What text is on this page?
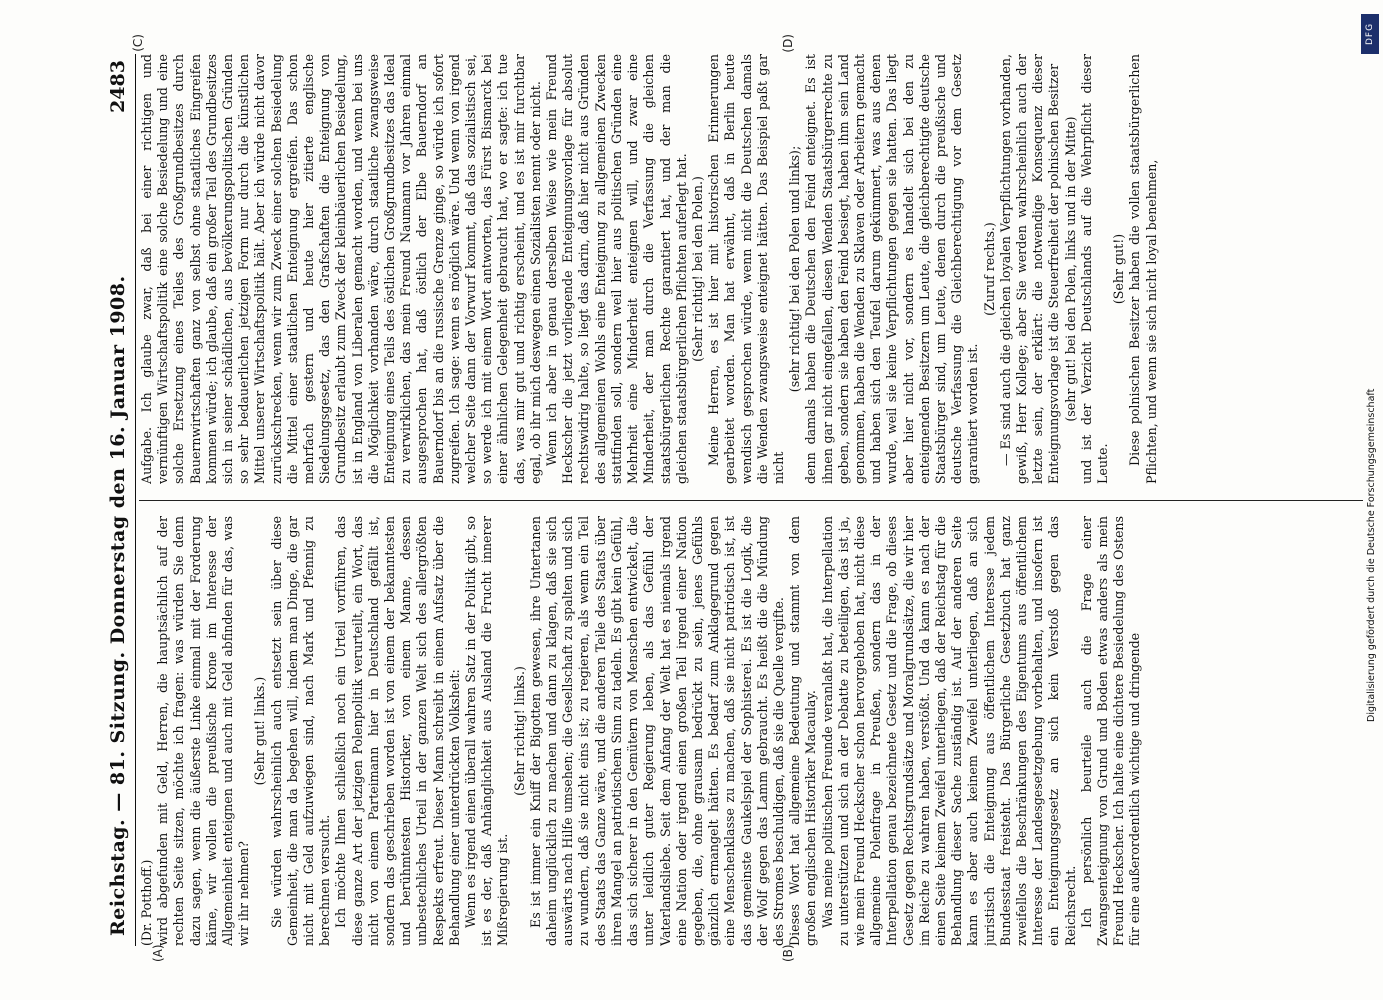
Reichstag. — 81. Sitzung. Donnerstag den 16. Januar 1908.
2483
(A)	(B)
(C)	(D)

(Dr. Potthoff.) wird abgefunden mit Geld, Herren, die hauptsächlich auf der rechten Seite sitzen, möchte ich fragen: was würden Sie denn dazu sagen, wenn die äußerste Linke einmal mit der Forderung käme, wir wollen die preußische Krone im Interesse der Allgemeinheit enteignen und auch mit Geld abfinden für das, was wir ihr nehmen?

(Sehr gut! links.) Sie würden wahrscheinlich auch entsetzt sein über diese Gemeinheit, die man da begehen will, indem man Dinge, die gar nicht mit Geld aufzuwiegen sind, nach Mark und Pfennig zu berechnen versucht. Ich möchte Ihnen schließlich noch ein Urteil vorführen, das diese ganze Art der jetzigen Polenpolitik verurteilt, ein Wort, das nicht von einem Parteimann hier in Deutschland gefällt ist, sondern das geschrieben worden ist von einem der bekanntesten und berühmtesten Historiker, von einem Manne, dessen unbestechliches Urteil in der ganzen Welt sich des allergrößten Respekts erfreut. Dieser Mann schreibt in einem Aufsatz über die Behandlung einer unterdrückten Volksheit: Wenn es irgend einen überall wahren Satz in der Politik gibt, so ist es der, daß Anhänglichkeit aus Ausland die Frucht innerer Mißregierung ist.

(Sehr richtig! links.) Es ist immer ein Kniff der Bigotten gewesen, ihre Untertanen daheim unglücklich zu machen und dann zu klagen, daß sie sich auswärts nach Hilfe umsehen; die Gesellschaft zu spalten und sich zu wundern, daß sie nicht eins ist; zu regieren, als wenn ein Teil des Staats das Ganze wäre, und die anderen Teile des Staats über ihren Mangel an patriotischem Sinn zu tadeln. Es gibt kein Gefühl, das sich sicherer in den Gemütern von Menschen entwickelt, die unter leidlich guter Regierung leben, als das Gefühl der Vaterlandsliebe. Seit dem Anfang der Welt hat es niemals irgend eine Nation oder irgend einen großen Teil irgend einer Nation gegeben, die, ohne grausam bedrückt zu sein, jenes Gefühls gänzlich ermangelt hätten. Es bedarf zum Anklagegrund gegen eine Menschenklasse zu machen, daß sie nicht patriotisch ist, ist das gemeinste Gaukelspiel der Sophisterei. Es ist die Logik, die der Wolf gegen das Lamm gebraucht. Es heißt die die Mündung des Stromes beschuldigen, daß sie die Quelle vergifte. Dieses Wort hat allgemeine Bedeutung und stammt von dem großen englischen Historiker Macaulay. Was meine politischen Freunde veranlaßt hat, die Interpellation zu unterstützen und sich an der Debatte zu beteiligen, das ist ja, wie mein Freund Heckscher schon hervorgehoben hat, nicht diese allgemeine Polenfrage in Preußen, sondern das in der Interpellation genau bezeichnete Gesetz und die Frage, ob dieses Gesetz gegen Rechtsgrundsätze und Moralgrundsätze, die wir hier im Reiche zu wahren haben, verstößt. Und da kann es nach der einen Seite keinem Zweifel unterliegen, daß der Reichstag für die Behandlung dieser Sache zuständig ist. Auf der anderen Seite kann es aber auch keinem Zweifel unterliegen, daß an sich juristisch die Enteignung aus öffentlichem Interesse jedem Bundesstaat freisteht. Das Bürgerliche Gesetzbuch hat ganz zweifellos die Beschränkungen des Eigentums aus öffentlichem Interesse der Landesgesetzgebung vorbehalten, und insofern ist ein Enteignungsgesetz an sich kein Verstoß gegen das Reichsrecht. Ich persönlich beurteile auch die Frage einer Zwangsenteignung von Grund und Boden etwas anders als mein Freund Heckscher. Ich halte eine dichtere Besiedelung des Ostens für eine außerordentlich wichtige und dringende

Aufgabe. Ich glaube zwar, daß bei einer richtigen und vernünftigen Wirtschaftspolitik eine solche Besiedelung und eine solche Ersetzung eines Teiles des Großgrundbesitzes durch Bauernwirtschaften ganz von selbst ohne staatliches Eingreifen kommen würde; ich glaube, daß ein großer Teil des Grundbesitzes sich in seiner schädlichen, aus bevölkerungspolitischen Gründen so sehr bedauerlichen jetzigen Form nur durch die künstlichen Mittel unserer Wirtschaftspolitik hält. Aber ich würde nicht davor zurückschrecken, wenn wir zum Zweck einer solchen Besiedelung die Mittel einer staatlichen Enteignung ergreifen. Das schon mehrfach gestern und heute hier zitierte englische Siedelungsgesetz, das den Grafschaften die Enteignung von Grundbesitz erlaubt zum Zweck der kleinbäuerlichen Besiedelung, ist in England von Liberalen gemacht worden, und wenn bei uns die Möglichkeit vorhanden wäre, durch staatliche zwangsweise Enteignung eines Teils des östlichen Großgrundbesitzes das Ideal zu verwirklichen, das mein Freund Naumann vor Jahren einmal ausgesprochen hat, daß östlich der Elbe Bauerndorf an Bauerndorf bis an die russische Grenze ginge, so würde ich sofort zugreifen. Ich sage: wenn es möglich wäre. Und wenn von irgend welcher Seite dann der Vorwurf kommt, daß das sozialistisch sei, so werde ich mit einem Wort antworten, das Fürst Bismarck bei einer ähnlichen Gelegenheit gebraucht hat, wo er sagte: ich tue das, was mir gut und richtig erscheint, und es ist mir furchtbar egal, ob ihr mich deswegen einen Sozialisten nennt oder nicht. Wenn ich aber in genau derselben Weise wie mein Freund Heckscher die jetzt vorliegende Enteignungsvorlage für absolut rechtswidrig halte, so liegt das darin, daß hier nicht aus Gründen des allgemeinen Wohls eine Enteignung zu allgemeinen Zwecken stattfinden soll, sondern weil hier aus politischen Gründen eine Mehrheit eine Minderheit enteignen will, und zwar eine Minderheit, der man durch die Verfassung die gleichen staatsbürgerlichen Rechte garantiert hat, und der man die gleichen staatsbürgerlichen Pflichten auferlegt hat. (Sehr richtig! bei den Polen.) Meine Herren, es ist hier mit historischen Erinnerungen gearbeitet worden. Man hat erwähnt, daß in Berlin heute wendisch gesprochen würde, wenn nicht die Deutschen damals die Wenden zwangsweise enteignet hätten. Das Beispiel paßt gar nicht

(sehr richtig! bei den Polen und links); denn damals haben die Deutschen den Feind enteignet. Es ist ihnen gar nicht eingefallen, diesen Wenden Staatsbürgerrechte zu geben, sondern sie haben den Feind besiegt, haben ihm sein Land genommen, haben die Wenden zu Sklaven oder Arbeitern gemacht und haben sich den Teufel darum gekümmert, was aus denen wurde, weil sie keine Verpflichtungen gegen sie hatten. Das liegt aber hier nicht vor, sondern es handelt sich bei den zu enteignenden Besitzern um Leute, die gleichberechtigte deutsche Staatsbürger sind, um Leute, denen durch die preußische und deutsche Verfassung die Gleichberechtigung vor dem Gesetz garantiert worden ist.

(Zuruf rechts.) — Es sind auch die gleichen loyalen Verpflichtungen vorhanden, gewiß, Herr Kollege; aber Sie werden wahrscheinlich auch der letzte sein, der erklärt: die notwendige Konsequenz dieser Enteignungsvorlage ist die Steuerfreiheit der polnischen Besitzer (sehr gut! bei den Polen, links und in der Mitte) und ist der Verzicht Deutschlands auf die Wehrpflicht dieser Leute.

(Sehr gut!) Diese polnischen Besitzer haben die vollen staatsbürgerlichen Pflichten, und wenn sie sich nicht loyal benehmen,

DFG
Digitalisierung gefördert durch die Deutsche Forschungsgemeinschaft
